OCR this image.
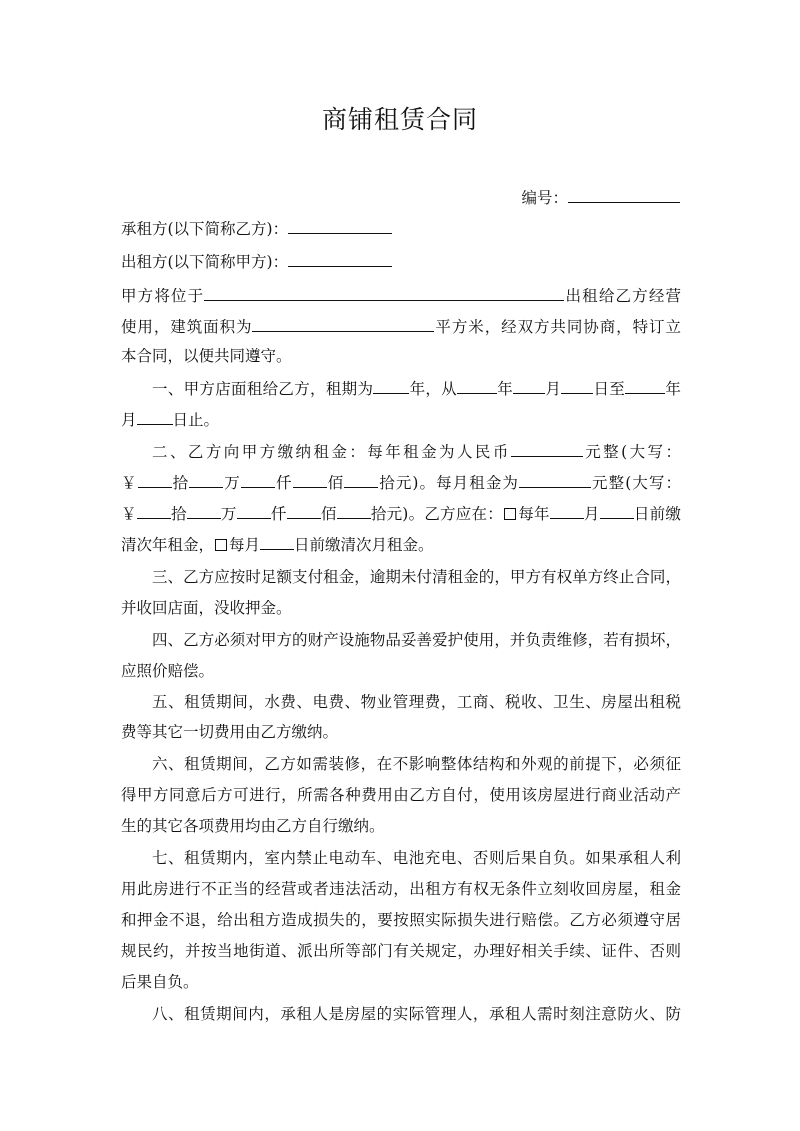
商铺租赁合同
编号：
承租方(以下简称乙方)：
出租方(以下简称甲方)：
甲方将位于	出租给乙方经营
使用，建筑面积为	平方米，经双方共同协商，特订立
本合同，以便共同遵守。
一、甲方店面租给乙方，租期为 年，从	年 月 日至	年
月 日止。
二、乙方向甲方缴纳租金：每年租金为人民币	元整(大写：
￥ 拾 万 仟 佰 拾元)。每月租金为	元整(大写：
￥ 拾 万 仟 佰 拾元)。乙方应在： 每年 月 日前缴
清次年租金， 每月 日前缴清次月租金。
三、乙方应按时足额支付租金，逾期未付清租金的，甲方有权单方终止合同，
并收回店面，没收押金。
四、乙方必须对甲方的财产设施物品妥善爱护使用，并负责维修，若有损坏，
应照价赔偿。
五、租赁期间，水费、电费、物业管理费，工商、税收、卫生、房屋出租税
费等其它一切费用由乙方缴纳。
六、租赁期间，乙方如需装修，在不影响整体结构和外观的前提下，必须征
得甲方同意后方可进行，所需各种费用由乙方自付，使用该房屋进行商业活动产
生的其它各项费用均由乙方自行缴纳。
七、租赁期内，室内禁止电动车、电池充电、否则后果自负。如果承租人利
用此房进行不正当的经营或者违法活动，出租方有权无条件立刻收回房屋，租金
和押金不退，给出租方造成损失的，要按照实际损失进行赔偿。乙方必须遵守居
规民约，并按当地街道、派出所等部门有关规定，办理好相关手续、证件、否则
后果自负。
八、租赁期间内，承租人是房屋的实际管理人，承租人需时刻注意防火、防
